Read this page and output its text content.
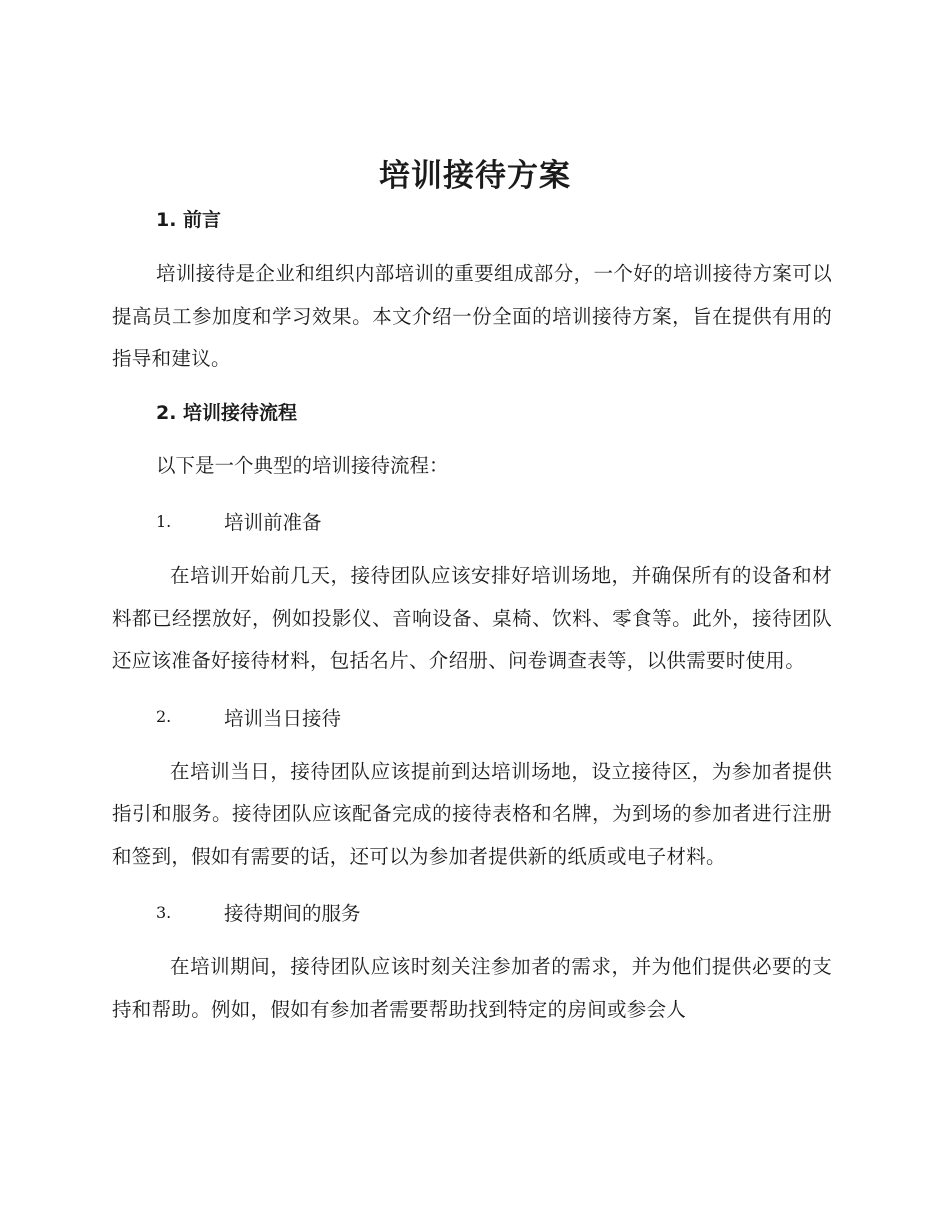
培训接待方案
1. 前言

培训接待是企业和组织内部培训的重要组成部分，一个好的培训接待方案可以提高员工参加度和学习效果。本文介绍一份全面的培训接待方案，旨在提供有用的指导和建议。

2. 培训接待流程

以下是一个典型的培训接待流程：

1.	培训前准备

在培训开始前几天，接待团队应该安排好培训场地，并确保所有的设备和材料都已经摆放好，例如投影仪、音响设备、桌椅、饮料、零食等。此外，接待团队还应该准备好接待材料，包括名片、介绍册、问卷调查表等，以供需要时使用。

2.	培训当日接待

在培训当日，接待团队应该提前到达培训场地，设立接待区，为参加者提供指引和服务。接待团队应该配备完成的接待表格和名牌，为到场的参加者进行注册和签到，假如有需要的话，还可以为参加者提供新的纸质或电子材料。

3.	接待期间的服务

在培训期间，接待团队应该时刻关注参加者的需求，并为他们提供必要的支持和帮助。例如，假如有参加者需要帮助找到特定的房间或参会人
